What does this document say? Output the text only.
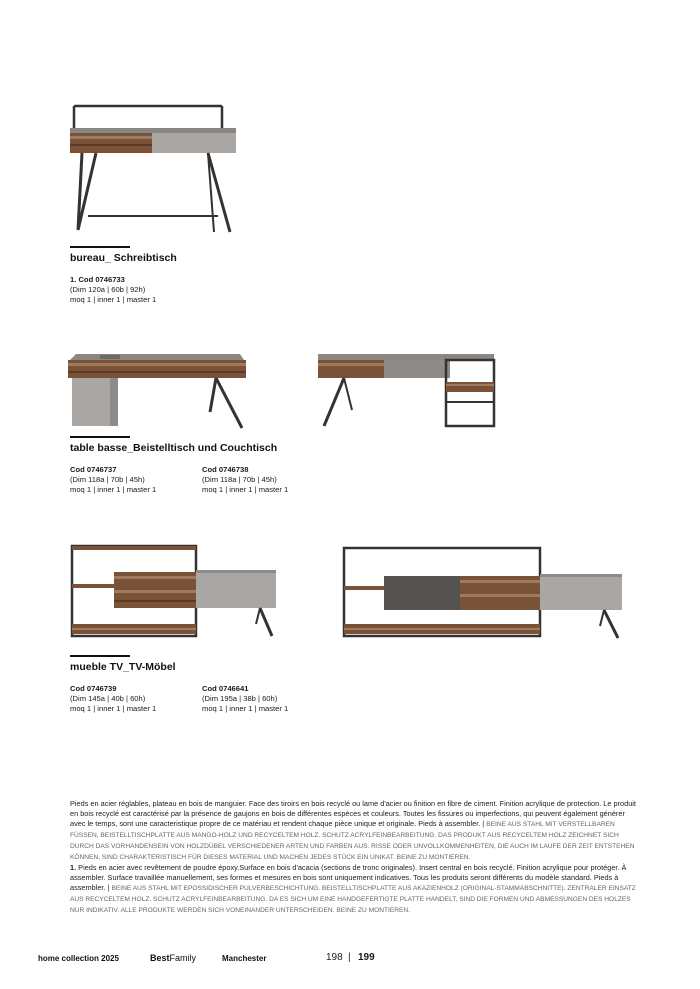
bureau_ Schreibtisch
1. Cod 0746733
(Dim 120a | 60b | 92h)
moq 1 | inner 1 | master 1
table basse_Beistelltisch und Couchtisch
Cod 0746737
(Dim 118a | 70b | 45h)
moq 1 | inner 1 | master 1
Cod 0746738
(Dim 118a | 70b | 45h)
moq 1 | inner 1 | master 1
mueble TV_TV-Möbel
Cod 0746739
(Dim 145a | 40b | 60h)
moq 1 | inner 1 | master 1
Cod 0746641
(Dim 195a | 38b | 60h)
moq 1 | inner 1 | master 1

Pieds en acier réglables, plateau en bois de manguier. Face des tiroirs en bois recyclé ou lame d'acier ou finition en fibre de ciment. Finition acrylique de protection. Le produit en bois recyclé est caractérisé par la présence de gaujons en bois de différentes espèces et couleurs. Toutes les fissures ou imperfections, qui peuvent également générer avec le temps, sont une caracteristique propre de ce matériau et rendent chaque pièce unique et originale. Pieds à assembler. | BEINE AUS STAHL MIT VERSTELLBAREN FÜSSEN, BEISTELLTISCHPLATTE AUS MANGO-HOLZ UND RECYCELTEM HOLZ. SCHUTZ ACRYLFEINBEARBEITUNG. DAS PRODUKT AUS RECYCELTEM HOLZ ZEICHNET SICH DURCH DAS VORHANDENSEIN VON HOLZDÜBEL VERSCHIEDENER ARTEN UND FARBEN AUS. RISSE ODER UNVOLLKOMMENHEITEN, DIE AUCH IM LAUFE DER ZEIT ENTSTEHEN KÖNNEN, SIND CHARAKTERISTISCH FÜR DIESES MATERIAL UND MACHEN JEDES STÜCK EIN UNIKAT. BEINE ZU MONTIEREN.

1. Pieds en acier avec revêtement de poudre époxy.Surface en bois d'acacia (sections de tronc originales). Insert central en bois recyclé. Finition acrylique pour protéger. À assembler. Surface travaillée manuellement, ses formes et mesures en bois sont uniquement indicatives. Tous les produits seront différents du modèle standard. Pieds à assembler. | BEINE AUS STAHL MIT EPOSSIDISCHER PULVERBESCHICHTUNG. BEISTELLTISCHPLATTE AUS AKAZIENHOLZ (ORIGINAL-STAMMABSCHNITTE). ZENTRALER EINSATZ AUS RECYCELTEM HOLZ. SCHUTZ ACRYLFEINBEARBEITUNG. DA ES SICH UM EINE HANDGEFERTIGTE PLATTE HANDELT, SIND DIE FORMEN UND ABMESSUNGEN DES HOLZES NUR INDIKATIV. ALLE PRODUKTE WERDEN SICH VONEINANDER UNTERSCHEIDEN. BEINE ZU MONTIEREN.

home collection 2025	BestFamily	Manchester	198 | 199
